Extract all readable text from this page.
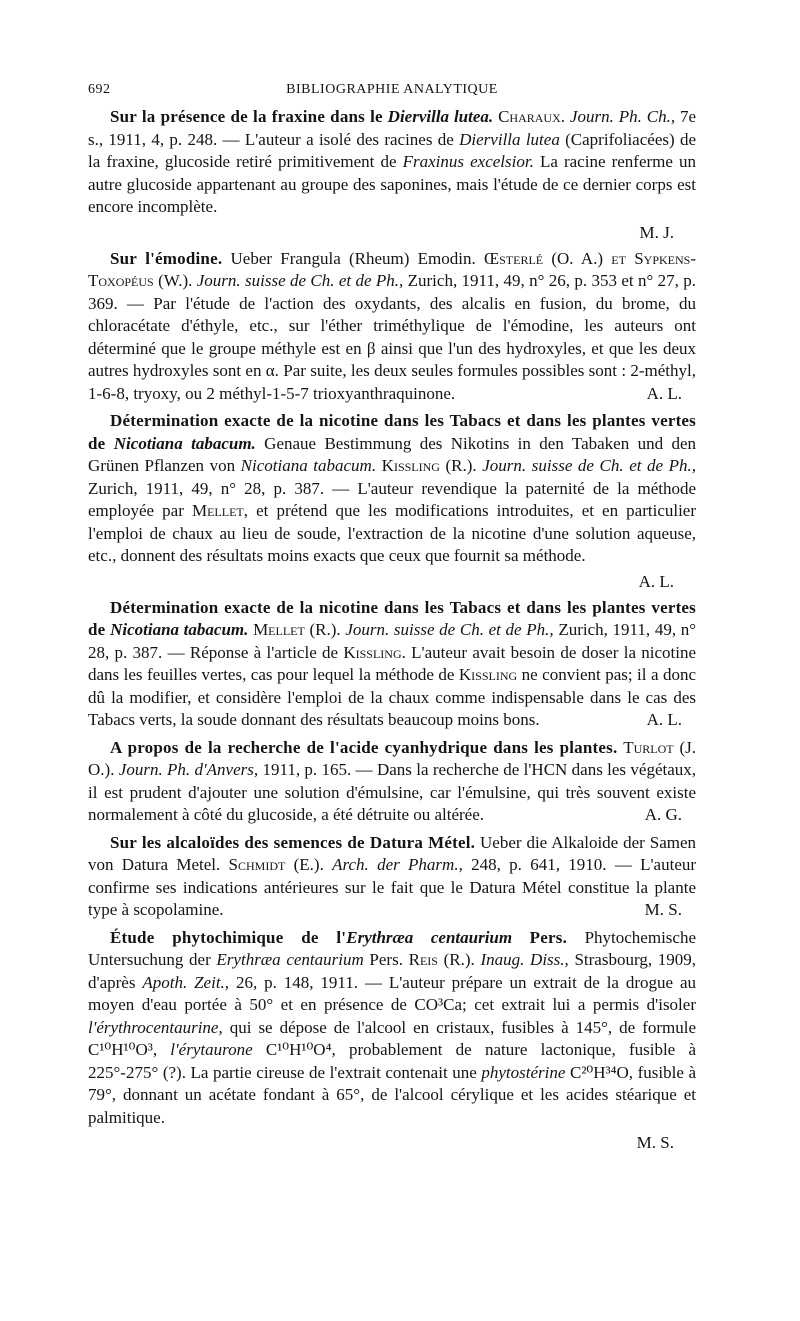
692	BIBLIOGRAPHIE ANALYTIQUE

Sur la présence de la fraxine dans le Diervilla lutea. Charaux. Journ. Ph. Ch., 7e s., 1911, 4, p. 248. — L'auteur a isolé des racines de Diervilla lutea (Caprifoliacées) de la fraxine, glucoside retiré primitivement de Fraxinus excelsior. La racine renferme un autre glucoside appartenant au groupe des saponines, mais l'étude de ce dernier corps est encore incomplète.

M. J.

Sur l'émodine. Ueber Frangula (Rheum) Emodin. Œsterlé (O. A.) et Sypkens-Toxopéus (W.). Journ. suisse de Ch. et de Ph., Zurich, 1911, 49, n° 26, p. 353 et n° 27, p. 369. — Par l'étude de l'action des oxydants, des alcalis en fusion, du brome, du chloracétate d'éthyle, etc., sur l'éther triméthylique de l'émodine, les auteurs ont déterminé que le groupe méthyle est en β ainsi que l'un des hydroxyles, et que les deux autres hydroxyles sont en α. Par suite, les deux seules formules possibles sont : 2-méthyl, 1-6-8, tryoxy, ou 2 méthyl-1-5-7 trioxyanthraquinone.	A. L.

Détermination exacte de la nicotine dans les Tabacs et dans les plantes vertes de Nicotiana tabacum. Genaue Bestimmung des Nikotins in den Tabaken und den Grünen Pflanzen von Nicotiana tabacum. Kissling (R.). Journ. suisse de Ch. et de Ph., Zurich, 1911, 49, n° 28, p. 387. — L'auteur revendique la paternité de la méthode employée par Mellet, et prétend que les modifications introduites, et en particulier l'emploi de chaux au lieu de soude, l'extraction de la nicotine d'une solution aqueuse, etc., donnent des résultats moins exacts que ceux que fournit sa méthode.

A. L.

Détermination exacte de la nicotine dans les Tabacs et dans les plantes vertes de Nicotiana tabacum. Mellet (R.). Journ. suisse de Ch. et de Ph., Zurich, 1911, 49, n° 28, p. 387. — Réponse à l'article de Kissling. L'auteur avait besoin de doser la nicotine dans les feuilles vertes, cas pour lequel la méthode de Kissling ne convient pas; il a donc dû la modifier, et considère l'emploi de la chaux comme indispensable dans le cas des Tabacs verts, la soude donnant des résultats beaucoup moins bons.	A. L.

A propos de la recherche de l'acide cyanhydrique dans les plantes. Turlot (J. O.). Journ. Ph. d'Anvers, 1911, p. 165. — Dans la recherche de l'HCN dans les végétaux, il est prudent d'ajouter une solution d'émulsine, car l'émulsine, qui très souvent existe normalement à côté du glucoside, a été détruite ou altérée.	A. G.

Sur les alcaloïdes des semences de Datura Métel. Ueber die Alkaloide der Samen von Datura Metel. Schmidt (E.). Arch. der Pharm., 248, p. 641, 1910. — L'auteur confirme ses indications antérieures sur le fait que le Datura Métel constitue la plante type à scopolamine.	M. S.

Étude phytochimique de l'Erythræa centaurium Pers. Phytochemische Untersuchung der Erythræa centaurium Pers. Reis (R.). Inaug. Diss., Strasbourg, 1909, d'après Apoth. Zeit., 26, p. 148, 1911. — L'auteur prépare un extrait de la drogue au moyen d'eau portée à 50° et en présence de CO³Ca; cet extrait lui a permis d'isoler l'érythrocentaurine, qui se dépose de l'alcool en cristaux, fusibles à 145°, de formule C¹⁰H¹⁰O³, l'érytaurone C¹⁰H¹⁰O⁴, probablement de nature lactonique, fusible à 225°-275° (?). La partie cireuse de l'extrait contenait une phytostérine C²⁰H³⁴O, fusible à 79°, donnant un acétate fondant à 65°, de l'alcool cérylique et les acides stéarique et palmitique.

M. S.
